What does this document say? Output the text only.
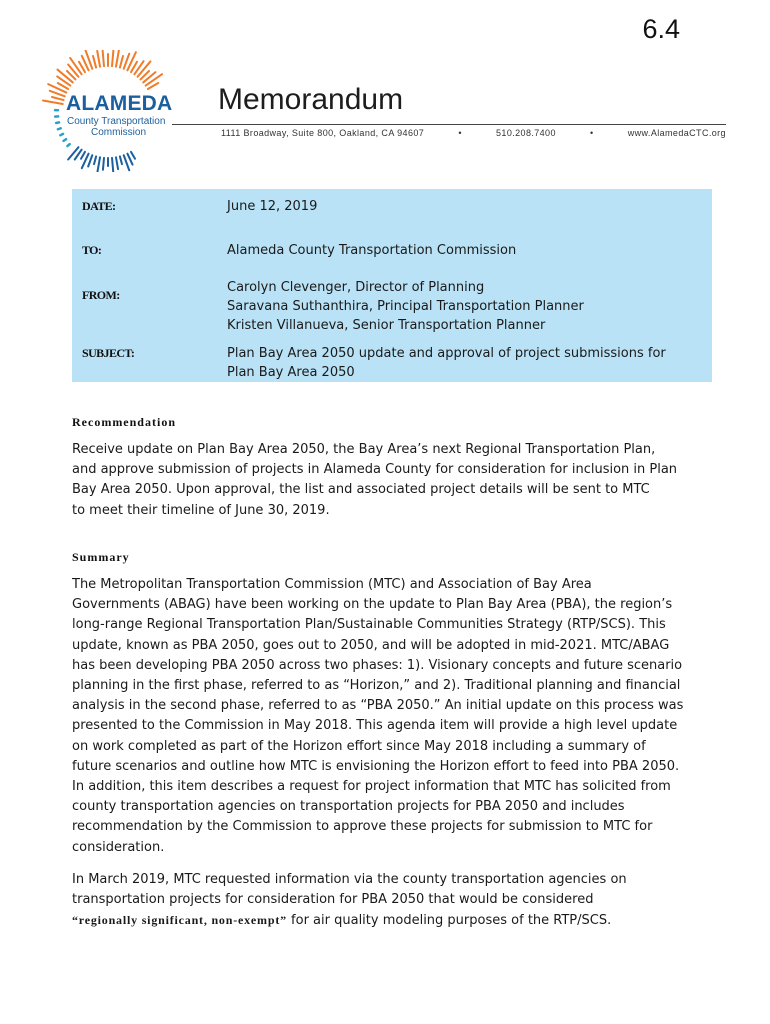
6.4
ALAMEDA
County Transportation
Commission
Memorandum
1111 Broadway, Suite 800, Oakland, CA 94607	•	510.208.7400	•	www.AlamedaCTC.org
DATE:	June 12, 2019
TO:	Alameda County Transportation Commission
FROM:	Carolyn Clevenger, Director of Planning
Saravana Suthanthira, Principal Transportation Planner
Kristen Villanueva, Senior Transportation Planner
SUBJECT:	Plan Bay Area 2050 update and approval of project submissions for
Plan Bay Area 2050
Recommendation
Receive update on Plan Bay Area 2050, the Bay Area’s next Regional Transportation Plan,
and approve submission of projects in Alameda County for consideration for inclusion in Plan
Bay Area 2050. Upon approval, the list and associated project details will be sent to MTC
to meet their timeline of June 30, 2019.
Summary
The Metropolitan Transportation Commission (MTC) and Association of Bay Area
Governments (ABAG) have been working on the update to Plan Bay Area (PBA), the region’s
long-range Regional Transportation Plan/Sustainable Communities Strategy (RTP/SCS). This
update, known as PBA 2050, goes out to 2050, and will be adopted in mid-2021. MTC/ABAG
has been developing PBA 2050 across two phases: 1). Visionary concepts and future scenario
planning in the first phase, referred to as “Horizon,” and 2). Traditional planning and financial
analysis in the second phase, referred to as “PBA 2050.” An initial update on this process was
presented to the Commission in May 2018. This agenda item will provide a high level update
on work completed as part of the Horizon effort since May 2018 including a summary of
future scenarios and outline how MTC is envisioning the Horizon effort to feed into PBA 2050.
In addition, this item describes a request for project information that MTC has solicited from
county transportation agencies on transportation projects for PBA 2050 and includes
recommendation by the Commission to approve these projects for submission to MTC for
consideration.
In March 2019, MTC requested information via the county transportation agencies on
transportation projects for consideration for PBA 2050 that would be considered
“regionally significant, non-exempt” for air quality modeling purposes of the RTP/SCS.
